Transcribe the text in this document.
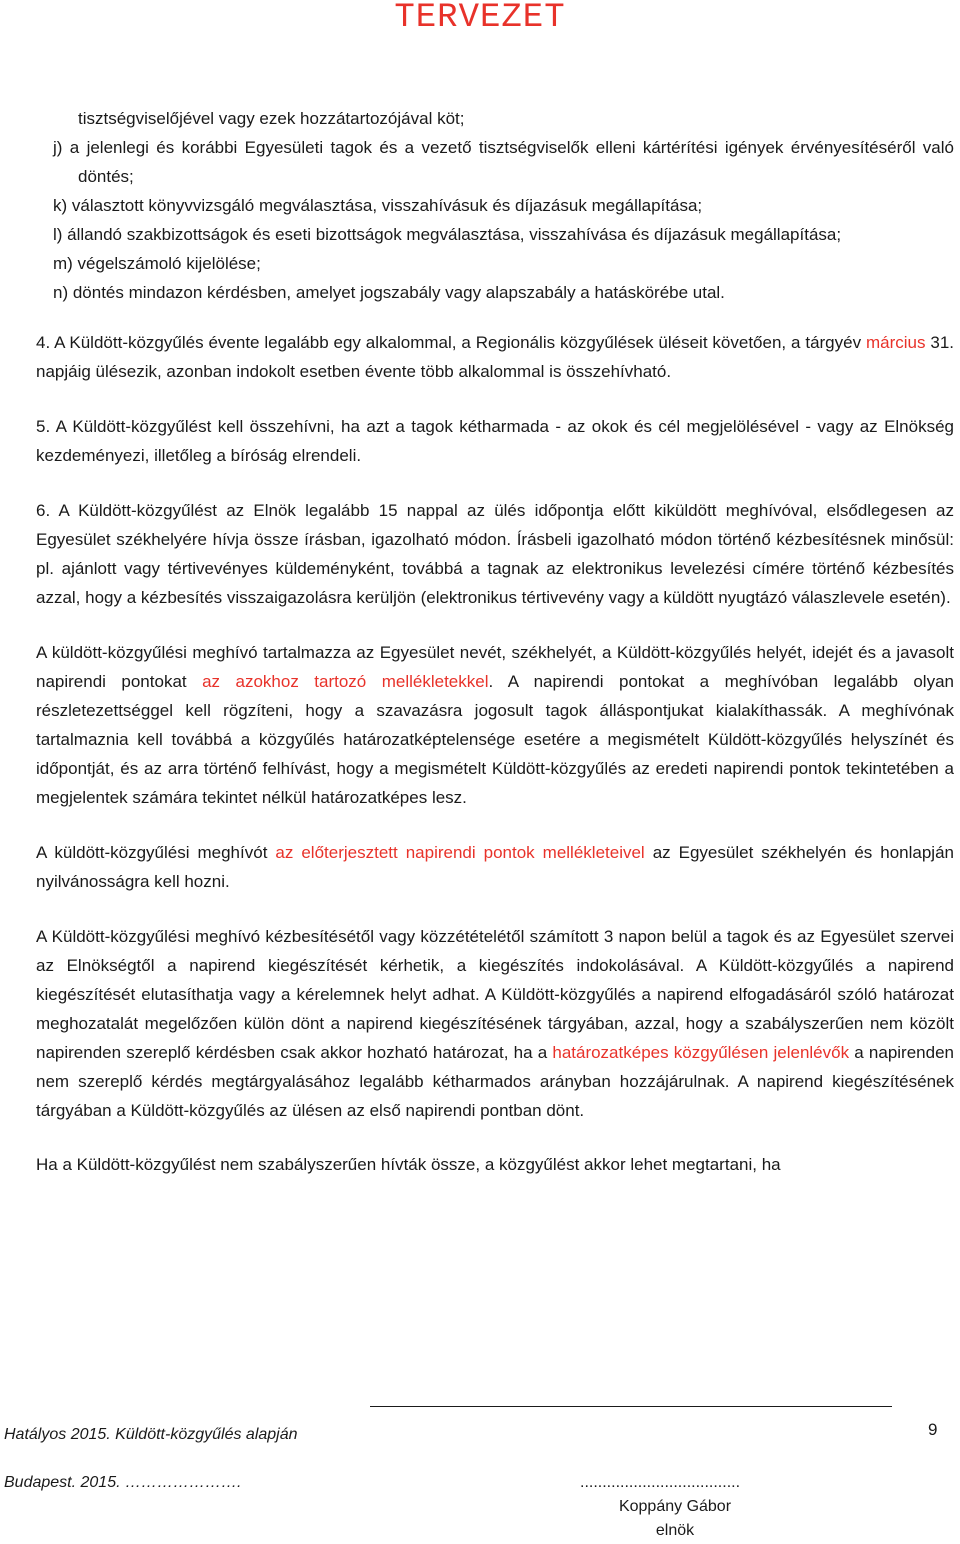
TERVEZET

tisztségviselőjével vagy ezek hozzátartozójával köt;

j) a jelenlegi és korábbi Egyesületi tagok és a vezető tisztségviselők elleni kártérítési igények érvényesítéséről való döntés;

k) választott könyvvizsgáló megválasztása, visszahívásuk és díjazásuk megállapítása;

l) állandó szakbizottságok és eseti bizottságok megválasztása, visszahívása és díjazásuk megállapítása;

m) végelszámoló kijelölése;

n) döntés mindazon kérdésben, amelyet jogszabály vagy alapszabály a hatáskörébe utal.

4. A Küldött-közgyűlés évente legalább egy alkalommal, a Regionális közgyűlések üléseit követően, a tárgyév március 31. napjáig ülésezik, azonban indokolt esetben évente több alkalommal is összehívható.

5. A Küldött-közgyűlést kell összehívni, ha azt a tagok kétharmada - az okok és cél megjelölésével - vagy az Elnökség kezdeményezi, illetőleg a bíróság elrendeli.

6. A Küldött-közgyűlést az Elnök legalább 15 nappal az ülés időpontja előtt kiküldött meghívóval, elsődlegesen az Egyesület székhelyére hívja össze írásban, igazolható módon. Írásbeli igazolható módon történő kézbesítésnek minősül: pl. ajánlott vagy tértivevényes küldeményként, továbbá a tagnak az elektronikus levelezési címére történő kézbesítés azzal, hogy a kézbesítés visszaigazolásra kerüljön (elektronikus tértivevény vagy a küldött nyugtázó válaszlevele esetén).

A küldött-közgyűlési meghívó tartalmazza az Egyesület nevét, székhelyét, a Küldött-közgyűlés helyét, idejét és a javasolt napirendi pontokat az azokhoz tartozó mellékletekkel. A napirendi pontokat a meghívóban legalább olyan részletezettséggel kell rögzíteni, hogy a szavazásra jogosult tagok álláspontjukat kialakíthassák. A meghívónak tartalmaznia kell továbbá a közgyűlés határozatképtelensége esetére a megismételt Küldött-közgyűlés helyszínét és időpontját, és az arra történő felhívást, hogy a megismételt Küldött-közgyűlés az eredeti napirendi pontok tekintetében a megjelentek számára tekintet nélkül határozatképes lesz.

A küldött-közgyűlési meghívót az előterjesztett napirendi pontok mellékleteivel az Egyesület székhelyén és honlapján nyilvánosságra kell hozni.

A Küldött-közgyűlési meghívó kézbesítésétől vagy közzétételétől számított 3 napon belül a tagok és az Egyesület szervei az Elnökségtől a napirend kiegészítését kérhetik, a kiegészítés indokolásával. A Küldött-közgyűlés a napirend kiegészítését elutasíthatja vagy a kérelemnek helyt adhat. A Küldött-közgyűlés a napirend elfogadásáról szóló határozat meghozatalát megelőzően külön dönt a napirend kiegészítésének tárgyában, azzal, hogy a szabályszerűen nem közölt napirenden szereplő kérdésben csak akkor hozható határozat, ha a határozatképes közgyűlésen jelenlévők a napirenden nem szereplő kérdés megtárgyalásához legalább kétharmados arányban hozzájárulnak. A napirend kiegészítésének tárgyában a Küldött-közgyűlés az ülésen az első napirendi pontban dönt.

Ha a Küldött-közgyűlést nem szabályszerűen hívták össze, a közgyűlést akkor lehet megtartani, ha

Hatályos 2015. Küldött-közgyűlés alapján	9
Budapest. 2015. ………………….	....................................
Koppány Gábor
elnök
